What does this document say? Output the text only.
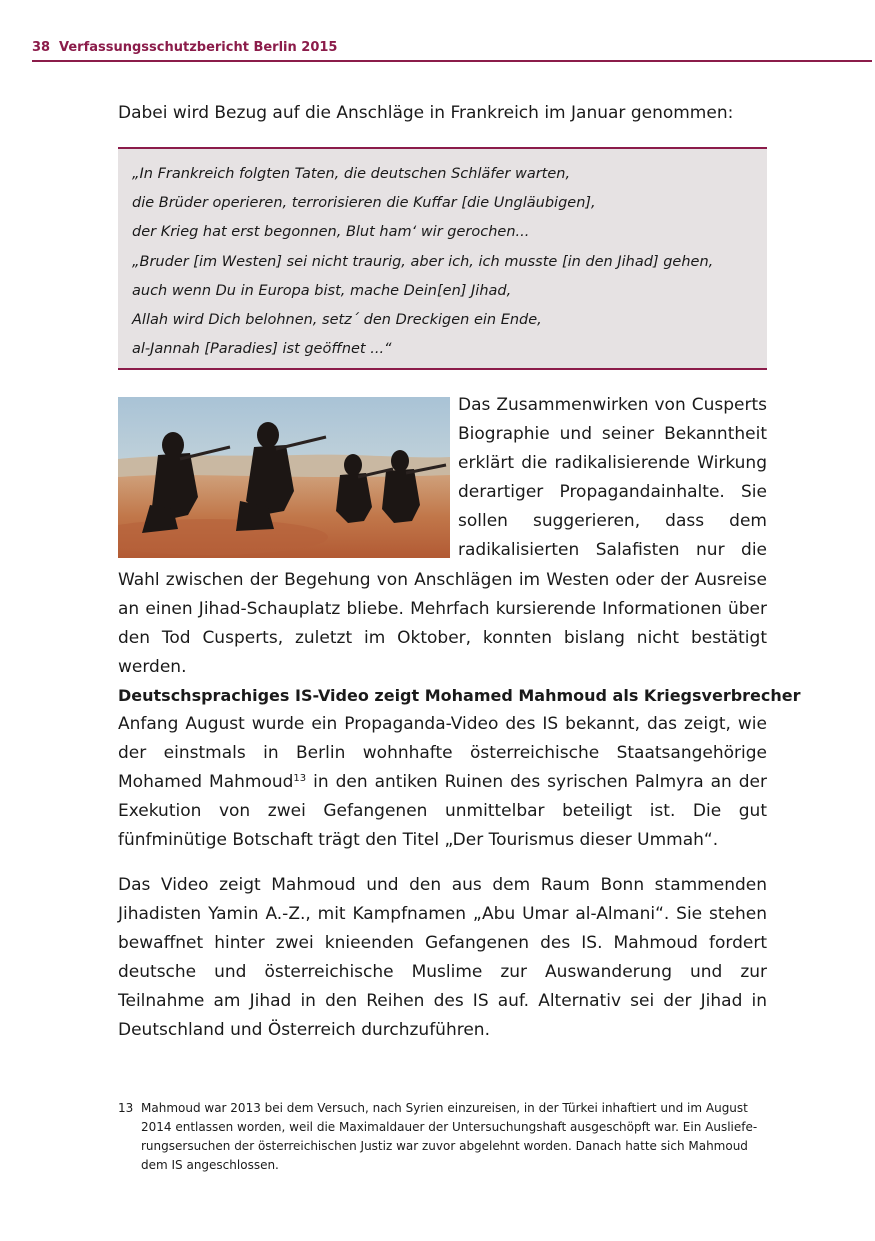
38 Verfassungsschutzbericht Berlin 2015

Dabei wird Bezug auf die Anschläge in Frankreich im Januar genommen:

„In Frankreich folgten Taten, die deutschen Schläfer warten,
die Brüder operieren, terrorisieren die Kuffar [die Ungläubigen],
der Krieg hat erst begonnen, Blut ham‘ wir gerochen...
„Bruder [im Westen] sei nicht traurig, aber ich, ich musste [in den Jihad] gehen,
auch wenn Du in Europa bist, mache Dein[en] Jihad,
Allah wird Dich belohnen, setz´ den Dreckigen ein Ende,
al-Jannah [Paradies] ist geöffnet ...“

Das Zusammenwirken von Cusperts Biographie und seiner Bekanntheit erklärt die radikalisierende Wirkung derartiger Propagandainhalte. Sie sollen suggerieren, dass dem radikalisierten Salafisten nur die Wahl zwischen der Begehung von Anschlägen im Westen oder der Ausreise an einen Jihad-Schauplatz bliebe. Mehrfach kursierende Informationen über den Tod Cusperts, zuletzt im Oktober, konnten bislang nicht bestätigt werden.

Deutschsprachiges IS-Video zeigt Mohamed Mahmoud als Kriegsverbrecher

Anfang August wurde ein Propaganda-Video des IS bekannt, das zeigt, wie der einstmals in Berlin wohnhafte österreichische Staatsangehörige Mohamed Mahmoud$^{13}$ in den antiken Ruinen des syrischen Palmyra an der Exekution von zwei Gefangenen unmittelbar beteiligt ist. Die gut fünfminütige Botschaft trägt den Titel „Der Tourismus dieser Ummah“.

Das Video zeigt Mahmoud und den aus dem Raum Bonn stammenden Jihadisten Yamin A.-Z., mit Kampfnamen „Abu Umar al-Almani“. Sie stehen bewaffnet hinter zwei knieenden Gefangenen des IS. Mahmoud fordert deutsche und österreichische Muslime zur Auswanderung und zur Teilnahme am Jihad in den Reihen des IS auf. Alternativ sei der Jihad in Deutschland und Österreich durchzuführen.

13 Mahmoud war 2013 bei dem Versuch, nach Syrien einzureisen, in der Türkei inhaftiert und im August 2014 entlassen worden, weil die Maximaldauer der Untersuchungshaft ausgeschöpft war. Ein Auslieferungsersuchen der österreichischen Justiz war zuvor abgelehnt worden. Danach hatte sich Mahmoud dem IS angeschlossen.
